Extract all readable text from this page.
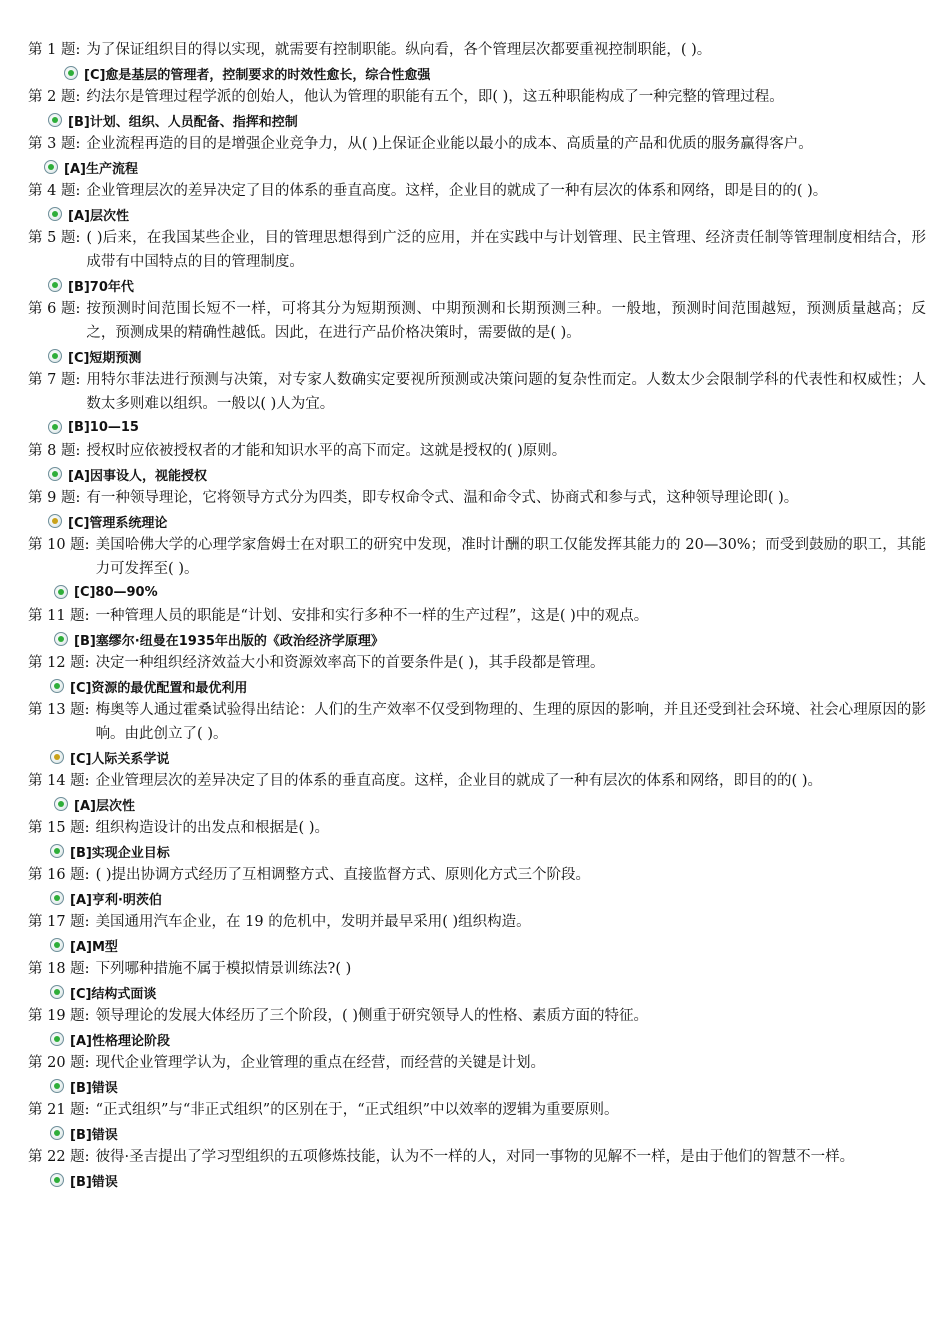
第 1 题: 为了保证组织目的得以实现，就需要有控制职能。纵向看，各个管理层次都要重视控制职能，( )。
[C]愈是基层的管理者，控制要求的时效性愈长，综合性愈强
第 2 题: 约法尔是管理过程学派的创始人，他认为管理的职能有五个，即( )，这五种职能构成了一种完整的管理过程。
[B]计划、组织、人员配备、指挥和控制
第 3 题: 企业流程再造的目的是增强企业竞争力，从( )上保证企业能以最小的成本、高质量的产品和优质的服务赢得客户。
[A]生产流程
第 4 题: 企业管理层次的差异决定了目的体系的垂直高度。这样，企业目的就成了一种有层次的体系和网络，即是目的的( )。
[A]层次性
第 5 题: ( )后来，在我国某些企业，目的管理思想得到广泛的应用，并在实践中与计划管理、民主管理、经济责任制等管理制度相结合，形成带有中国特点的目的管理制度。
[B]70年代
第 6 题: 按预测时间范围长短不一样，可将其分为短期预测、中期预测和长期预测三种。一般地，预测时间范围越短，预测质量越高；反之，预测成果的精确性越低。因此，在进行产品价格决策时，需要做的是( )。
[C]短期预测
第 7 题: 用特尔菲法进行预测与决策，对专家人数确实定要视所预测或决策问题的复杂性而定。人数太少会限制学科的代表性和权威性；人数太多则难以组织。一般以( )人为宜。
[B]10—15
第 8 题: 授权时应依被授权者的才能和知识水平的高下而定。这就是授权的( )原则。
[A]因事设人，视能授权
第 9 题: 有一种领导理论，它将领导方式分为四类，即专权命令式、温和命令式、协商式和参与式，这种领导理论即( )。
[C]管理系统理论
第 10 题: 美国哈佛大学的心理学家詹姆士在对职工的研究中发现，准时计酬的职工仅能发挥其能力的 20—30%；而受到鼓励的职工，其能力可发挥至( )。
[C]80—90%
第 11 题: 一种管理人员的职能是“计划、安排和实行多种不一样的生产过程”，这是( )中的观点。
[B]塞缪尔·纽曼在1935年出版的《政治经济学原理》
第 12 题: 决定一种组织经济效益大小和资源效率高下的首要条件是( )，其手段都是管理。
[C]资源的最优配置和最优利用
第 13 题: 梅奥等人通过霍桑试验得出结论：人们的生产效率不仅受到物理的、生理的原因的影响，并且还受到社会环境、社会心理原因的影响。由此创立了( )。
[C]人际关系学说
第 14 题: 企业管理层次的差异决定了目的体系的垂直高度。这样，企业目的就成了一种有层次的体系和网络，即目的的( )。
[A]层次性
第 15 题: 组织构造设计的出发点和根据是( )。
[B]实现企业目标
第 16 题: ( )提出协调方式经历了互相调整方式、直接监督方式、原则化方式三个阶段。
[A]亨利·明茨伯
第 17 题: 美国通用汽车企业，在 19 的危机中，发明并最早采用( )组织构造。
[A]M型
第 18 题: 下列哪种措施不属于模拟情景训练法?( )
[C]结构式面谈
第 19 题: 领导理论的发展大体经历了三个阶段，( )侧重于研究领导人的性格、素质方面的特征。
[A]性格理论阶段
第 20 题: 现代企业管理学认为，企业管理的重点在经营，而经营的关键是计划。
[B]错误
第 21 题: “正式组织”与“非正式组织”的区别在于，“正式组织”中以效率的逻辑为重要原则。
[B]错误
第 22 题: 彼得·圣吉提出了学习型组织的五项修炼技能，认为不一样的人，对同一事物的见解不一样，是由于他们的智慧不一样。
[B]错误
